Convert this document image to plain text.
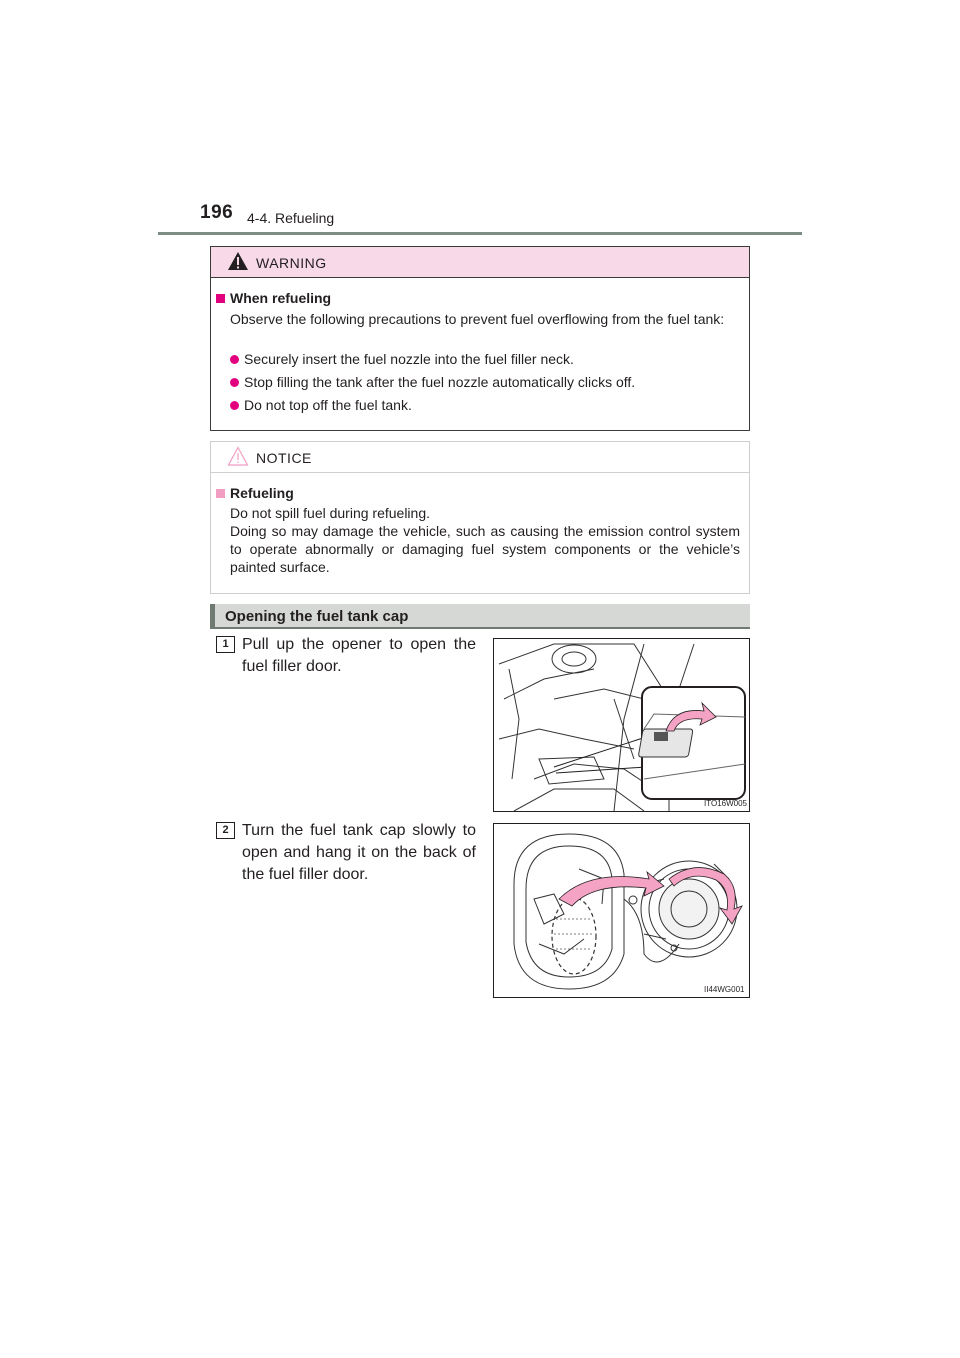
196 4-4. Refueling
WARNING
When refueling
Observe the following precautions to prevent fuel overflowing from the fuel tank:
Securely insert the fuel nozzle into the fuel filler neck.
Stop filling the tank after the fuel nozzle automatically clicks off.
Do not top off the fuel tank.
NOTICE
Refueling
Do not spill fuel during refueling.
Doing so may damage the vehicle, such as causing the emission control system to operate abnormally or damaging fuel system components or the vehicle’s painted surface.
Opening the fuel tank cap
1 Pull up the opener to open the fuel filler door.
ITO16W005
2 Turn the fuel tank cap slowly to open and hang it on the back of the fuel filler door.
II44WG001
